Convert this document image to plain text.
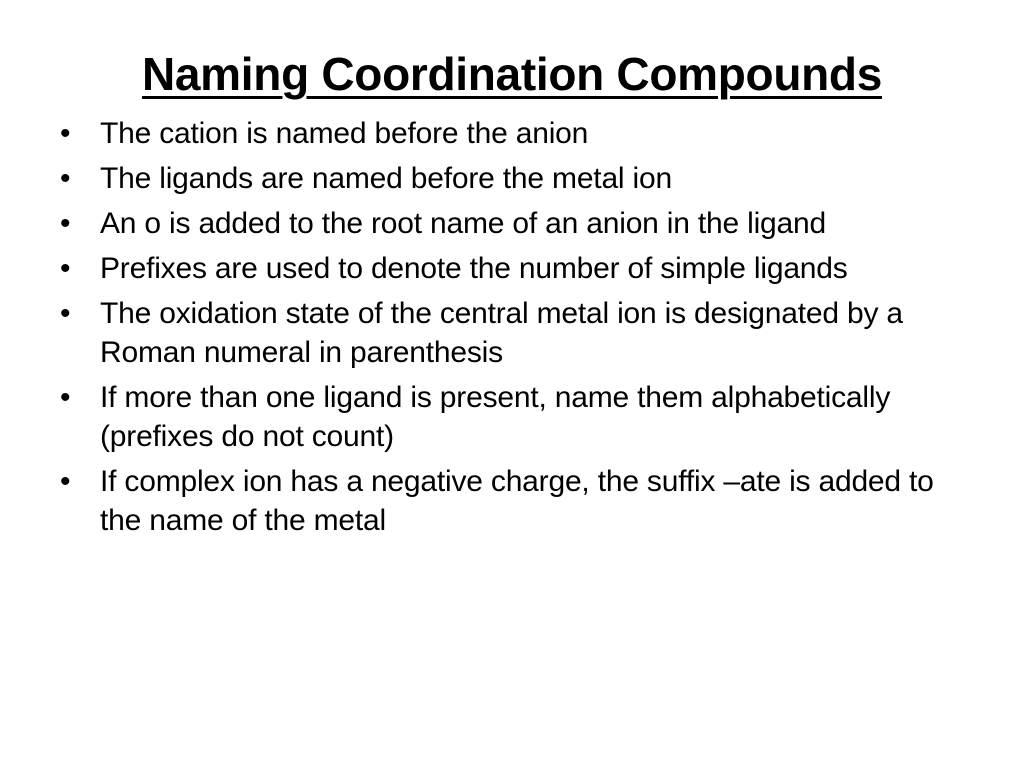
Naming Coordination Compounds
• The cation is named before the anion
• The ligands are named before the metal ion
• An o is added to the root name of an anion in the ligand
• Prefixes are used to denote the number of simple ligands
• The oxidation state of the central metal ion is designated by a Roman numeral in parenthesis
• If more than one ligand is present, name them alphabetically (prefixes do not count)
• If complex ion has a negative charge, the suffix –ate is added to the name of the metal
